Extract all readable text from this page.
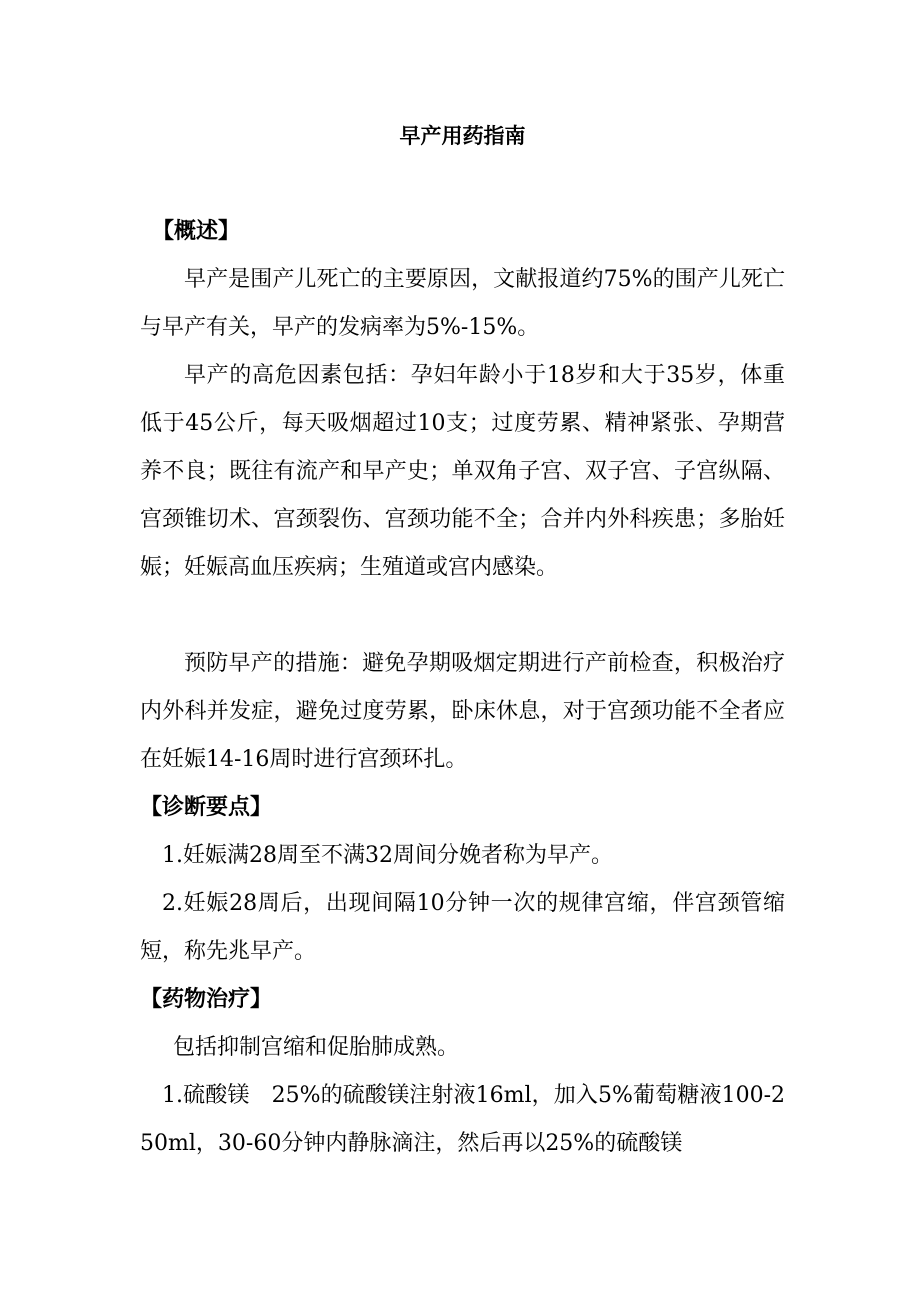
早产用药指南
【概述】

早产是围产儿死亡的主要原因，文献报道约75%的围产儿死亡与早产有关，早产的发病率为5%-15%。

早产的高危因素包括：孕妇年龄小于18岁和大于35岁，体重低于45公斤，每天吸烟超过10支；过度劳累、精神紧张、孕期营养不良；既往有流产和早产史；单双角子宫、双子宫、子宫纵隔、宫颈锥切术、宫颈裂伤、宫颈功能不全；合并内外科疾患；多胎妊娠；妊娠高血压疾病；生殖道或宫内感染。

预防早产的措施：避免孕期吸烟定期进行产前检查，积极治疗内外科并发症，避免过度劳累，卧床休息，对于宫颈功能不全者应在妊娠14-16周时进行宫颈环扎。

【诊断要点】

1.妊娠满28周至不满32周间分娩者称为早产。

2.妊娠28周后，出现间隔10分钟一次的规律宫缩，伴宫颈管缩短，称先兆早产。

【药物治疗】

包括抑制宫缩和促胎肺成熟。

1.硫酸镁　25%的硫酸镁注射液16ml，加入5%葡萄糖液100-250ml，30-60分钟内静脉滴注，然后再以25%的硫酸镁
